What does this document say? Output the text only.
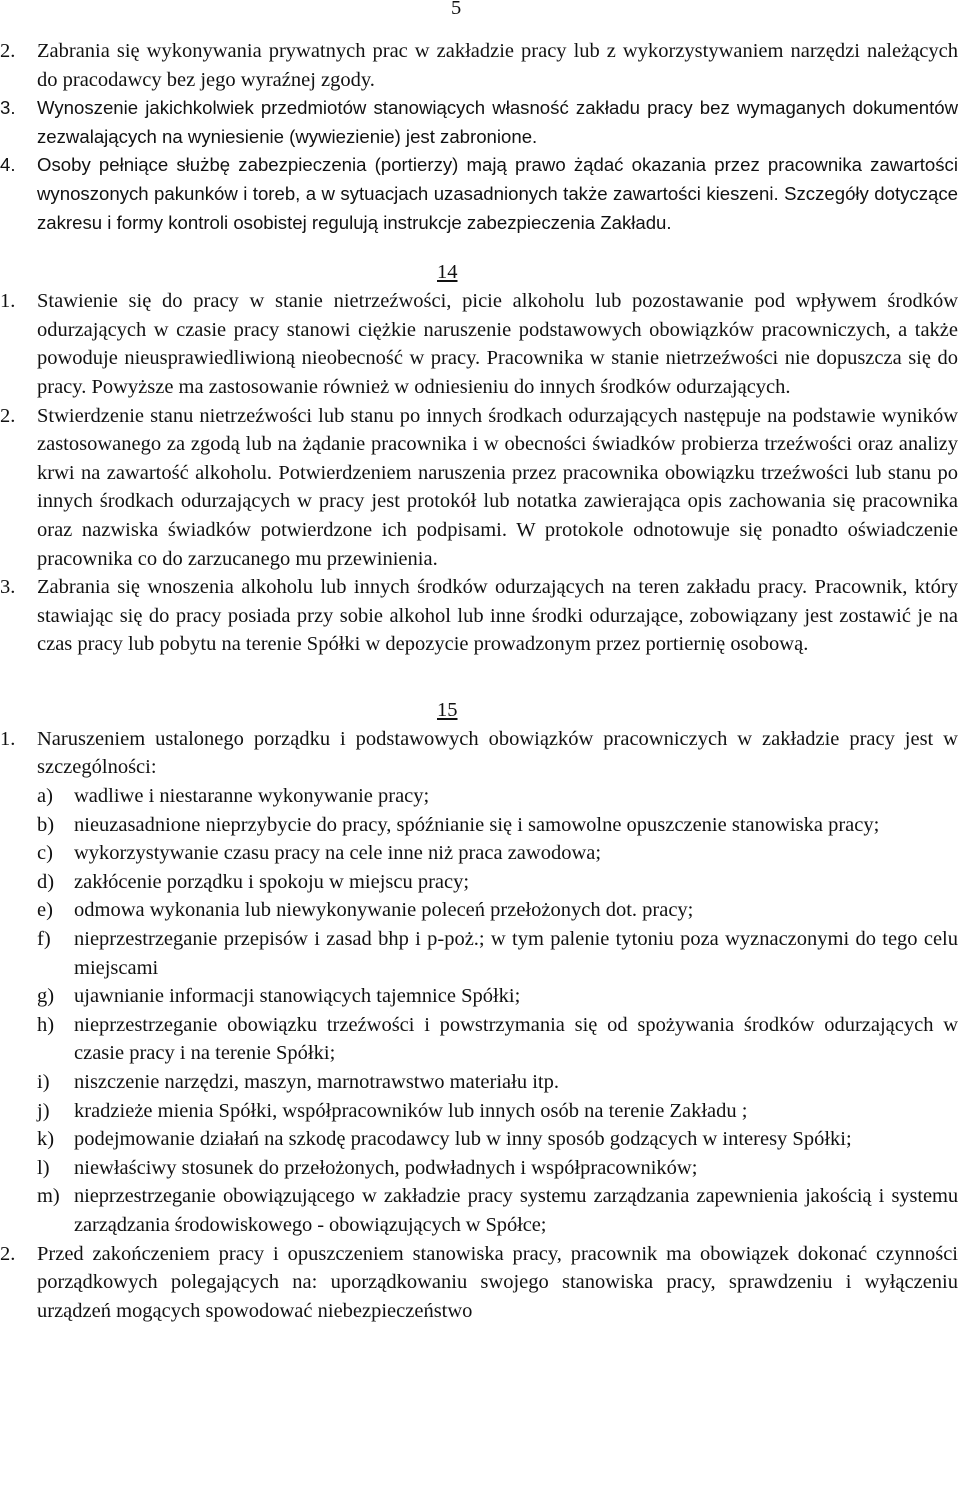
5
2.	Zabrania się wykonywania prywatnych prac w zakładzie pracy lub z wykorzystywaniem narzędzi należących do pracodawcy bez jego wyraźnej zgody.
3.	Wynoszenie jakichkolwiek przedmiotów stanowiących własność zakładu pracy bez wymaganych dokumentów zezwalających na wyniesienie (wywiezienie) jest zabronione.
4.	Osoby pełniące służbę zabezpieczenia (portierzy) mają prawo żądać okazania przez pracownika zawartości wynoszonych pakunków i toreb, a w sytuacjach uzasadnionych także zawartości kieszeni. Szczegóły dotyczące zakresu i formy kontroli osobistej regulują instrukcje zabezpieczenia Zakładu.
14
1.	Stawienie się do pracy w stanie nietrzeźwości, picie alkoholu lub pozostawanie pod wpływem środków odurzających w czasie pracy stanowi ciężkie naruszenie podstawowych obowiązków pracowniczych, a także powoduje nieusprawiedliwioną nieobecność w pracy. Pracownika w stanie nietrzeźwości nie dopuszcza się do pracy. Powyższe ma zastosowanie również w odniesieniu do innych środków odurzających.
2.	Stwierdzenie stanu nietrzeźwości lub stanu po innych środkach odurzających następuje na podstawie wyników zastosowanego za zgodą lub na żądanie pracownika i w obecności świadków probierza trzeźwości oraz analizy krwi na zawartość alkoholu. Potwierdzeniem naruszenia przez pracownika obowiązku trzeźwości lub stanu po innych środkach odurzających w pracy jest protokół lub notatka zawierająca opis zachowania się pracownika oraz nazwiska świadków potwierdzone ich podpisami. W protokole odnotowuje się ponadto oświadczenie pracownika co do zarzucanego mu przewinienia.
3.	Zabrania się wnoszenia alkoholu lub innych środków odurzających na teren zakładu pracy. Pracownik, który stawiając się do pracy posiada przy sobie alkohol lub inne środki odurzające, zobowiązany jest zostawić je na czas pracy lub pobytu na terenie Spółki w depozycie prowadzonym przez portiernię osobową.
15
1.	Naruszeniem ustalonego porządku i podstawowych obowiązków pracowniczych w zakładzie pracy jest w szczególności:
a)	wadliwe i niestaranne wykonywanie pracy;
b) nieuzasadnione nieprzybycie do pracy, spóźnianie się i samowolne opuszczenie stanowiska pracy;
c)	wykorzystywanie czasu pracy na cele inne niż praca zawodowa;
d) zakłócenie porządku i spokoju w miejscu pracy;
e)	odmowa wykonania lub niewykonywanie poleceń przełożonych dot. pracy;
f)	nieprzestrzeganie przepisów i zasad bhp i p-poż.; w tym palenie tytoniu poza wyznaczonymi do tego celu miejscami
g) ujawnianie informacji stanowiących tajemnice Spółki;
h) nieprzestrzeganie obowiązku trzeźwości i powstrzymania się od spożywania środków odurzających w czasie pracy i na terenie Spółki;
i)	niszczenie narzędzi, maszyn, marnotrawstwo materiału itp.
j)	kradzieże mienia Spółki, współpracowników lub innych osób na terenie Zakładu ;
k) podejmowanie działań na szkodę pracodawcy lub w inny sposób godzących w interesy Spółki;
l)	niewłaściwy stosunek do przełożonych, podwładnych i współpracowników;
m) nieprzestrzeganie obowiązującego w zakładzie pracy systemu zarządzania zapewnienia jakością i systemu zarządzania środowiskowego - obowiązujących w Spółce;
2.	Przed zakończeniem pracy i opuszczeniem stanowiska pracy, pracownik ma obowiązek dokonać czynności porządkowych polegających na: uporządkowaniu swojego stanowiska pracy, sprawdzeniu i wyłączeniu urządzeń mogących spowodować niebezpieczeństwo
